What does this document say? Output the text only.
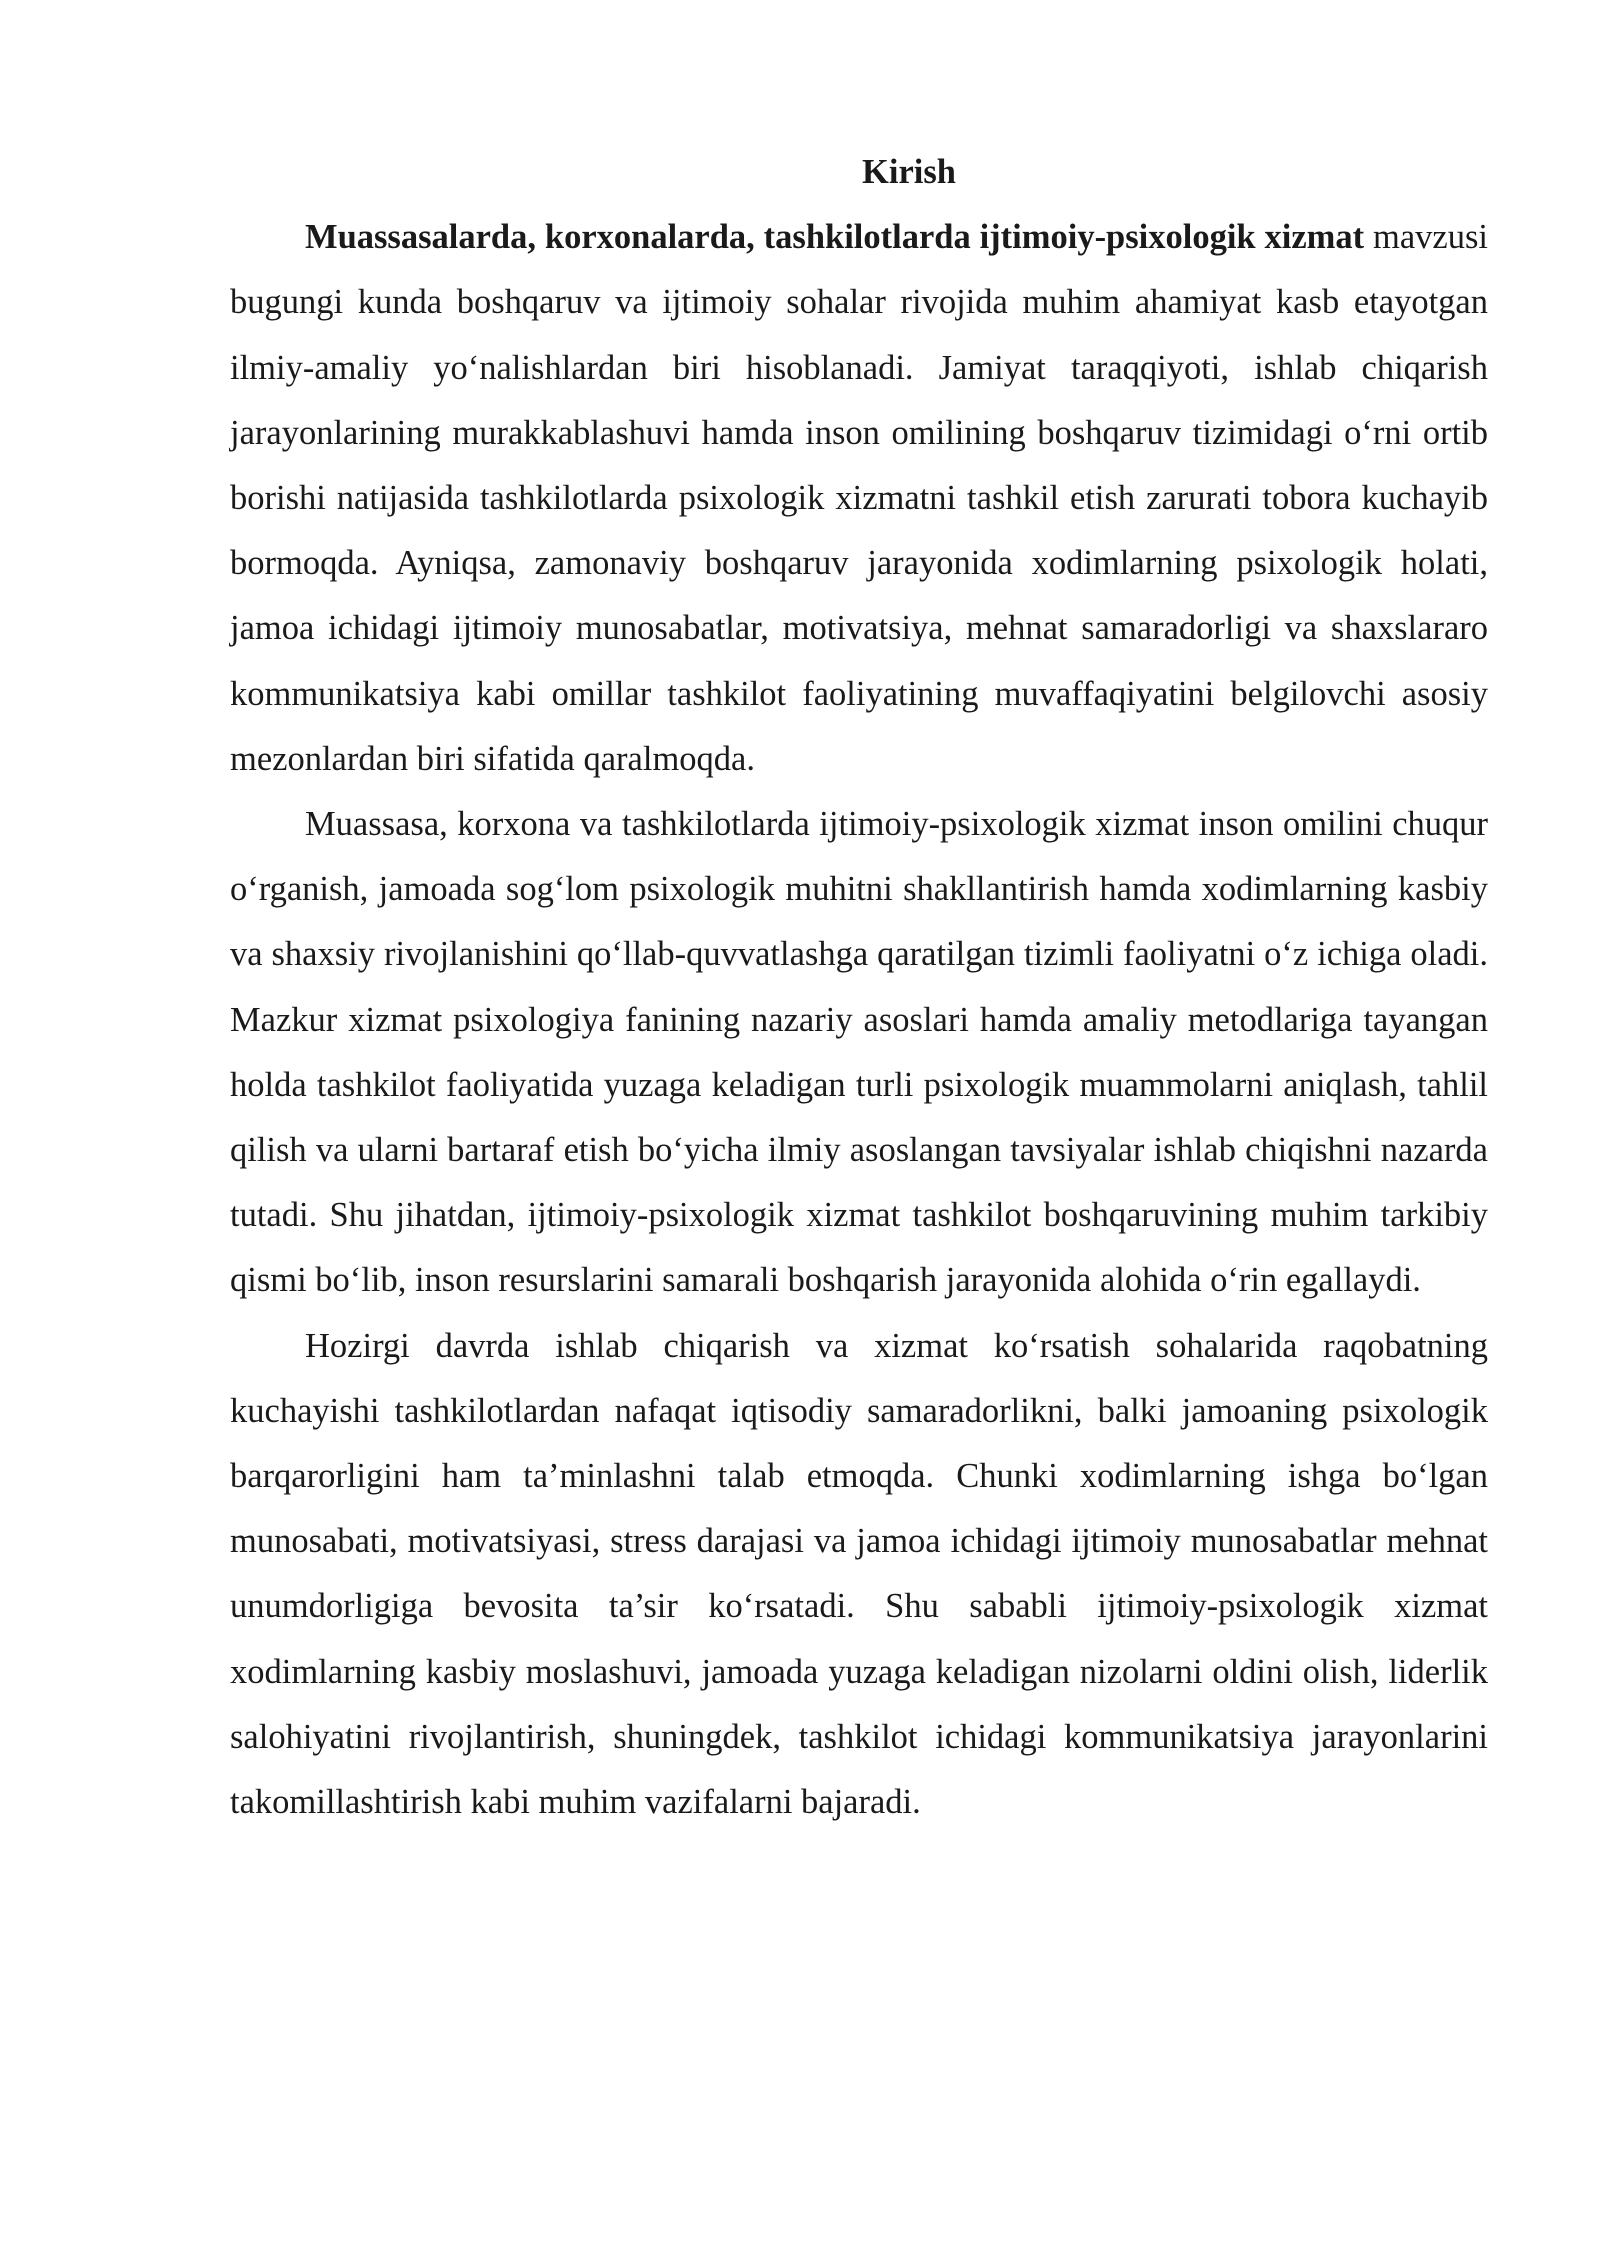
Kirish

Muassasalarda, korxonalarda, tashkilotlarda ijtimoiy-psixologik xizmat mavzusi bugungi kunda boshqaruv va ijtimoiy sohalar rivojida muhim ahamiyat kasb etayotgan ilmiy-amaliy yo‘nalishlardan biri hisoblanadi. Jamiyat taraqqiyoti, ishlab chiqarish jarayonlarining murakkablashuvi hamda inson omilining boshqaruv tizimidagi o‘rni ortib borishi natijasida tashkilotlarda psixologik xizmatni tashkil etish zarurati tobora kuchayib bormoqda. Ayniqsa, zamonaviy boshqaruv jarayonida xodimlarning psixologik holati, jamoa ichidagi ijtimoiy munosabatlar, motivatsiya, mehnat samaradorligi va shaxslararo kommunikatsiya kabi omillar tashkilot faoliyatining muvaffaqiyatini belgilovchi asosiy mezonlardan biri sifatida qaralmoqda.

Muassasa, korxona va tashkilotlarda ijtimoiy-psixologik xizmat inson omilini chuqur o‘rganish, jamoada sog‘lom psixologik muhitni shakllantirish hamda xodimlarning kasbiy va shaxsiy rivojlanishini qo‘llab-quvvatlashga qaratilgan tizimli faoliyatni o‘z ichiga oladi. Mazkur xizmat psixologiya fanining nazariy asoslari hamda amaliy metodlariga tayangan holda tashkilot faoliyatida yuzaga keladigan turli psixologik muammolarni aniqlash, tahlil qilish va ularni bartaraf etish bo‘yicha ilmiy asoslangan tavsiyalar ishlab chiqishni nazarda tutadi. Shu jihatdan, ijtimoiy-psixologik xizmat tashkilot boshqaruvining muhim tarkibiy qismi bo‘lib, inson resurslarini samarali boshqarish jarayonida alohida o‘rin egallaydi.

Hozirgi davrda ishlab chiqarish va xizmat ko‘rsatish sohalarida raqobatning kuchayishi tashkilotlardan nafaqat iqtisodiy samaradorlikni, balki jamoaning psixologik barqarorligini ham ta’minlashni talab etmoqda. Chunki xodimlarning ishga bo‘lgan munosabati, motivatsiyasi, stress darajasi va jamoa ichidagi ijtimoiy munosabatlar mehnat unumdorligiga bevosita ta’sir ko‘rsatadi. Shu sababli ijtimoiy-psixologik xizmat xodimlarning kasbiy moslashuvi, jamoada yuzaga keladigan nizolarni oldini olish, liderlik salohiyatini rivojlantirish, shuningdek, tashkilot ichidagi kommunikatsiya jarayonlarini takomillashtirish kabi muhim vazifalarni bajaradi.
